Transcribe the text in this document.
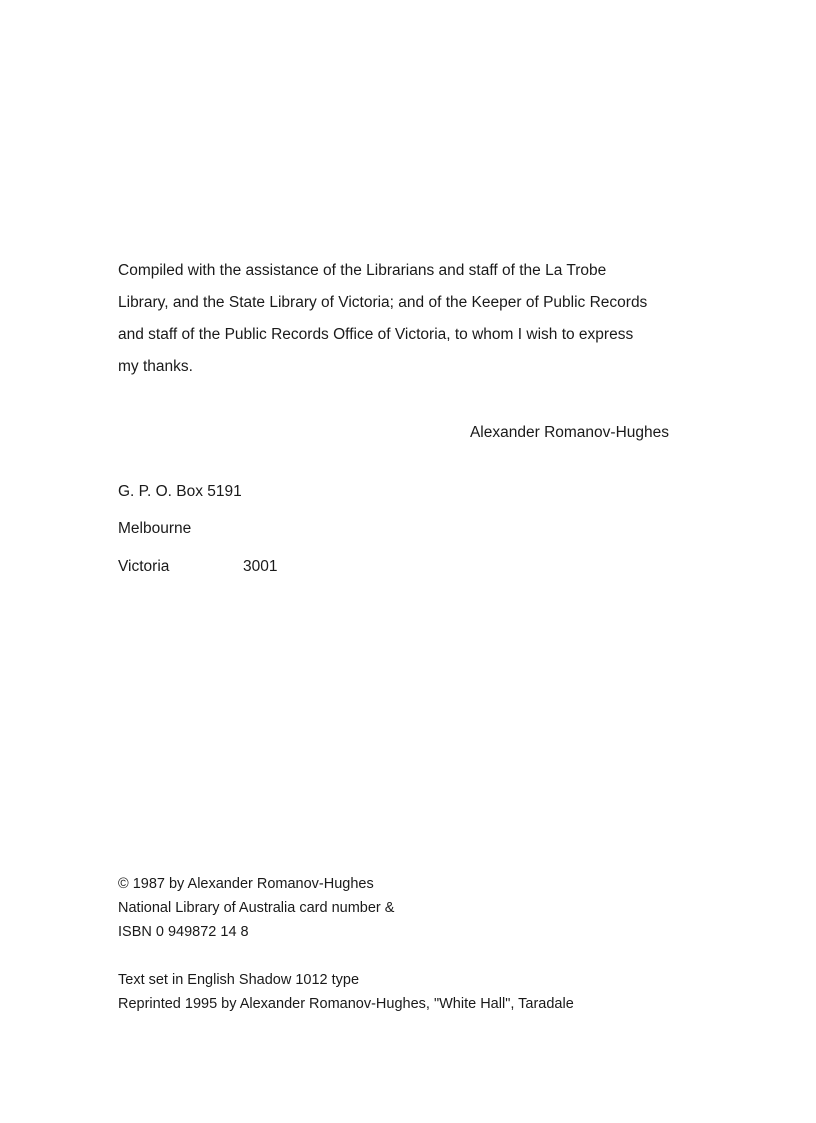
Compiled with the assistance of the Librarians and staff of the La Trobe
Library, and the State Library of Victoria; and of the Keeper of Public Records
and staff of the Public Records Office of Victoria, to whom I wish to express
my thanks.
Alexander Romanov-Hughes
G. P. O. Box 5191
Melbourne
Victoria	3001
© 1987 by Alexander Romanov-Hughes
National Library of Australia card number &
ISBN 0 949872 14 8
Text set in English Shadow 1012 type
Reprinted 1995 by Alexander Romanov-Hughes, "White Hall", Taradale
